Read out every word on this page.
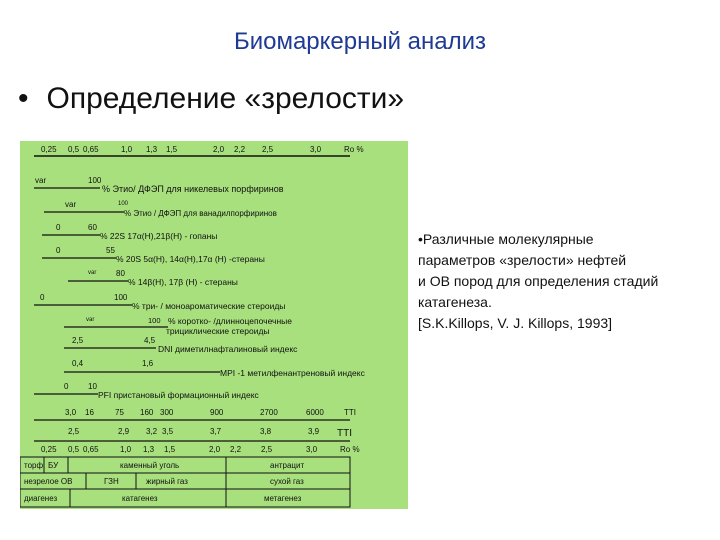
Биомаркерный анализ
• Определение «зрелости»
0,25 0,5 0,65	1,0 1,3 1,5	2,0 2,2 2,5	3,0	Ro %
var	100
% Этио/ ДФЭП для никелевых порфиринов
var	100
% Этио / ДФЭП для ванадилпорфиринов
0	60
% 22S 17α(H),21β(H) - гопаны
0	55
% 20S 5α(H), 14α(H),17α (H) -стераны
var 80
% 14β(H), 17β (H) - стераны
0	100
% три- / моноароматические стероиды
var	100 % коротко- /длинноцепочечные
трициклические стероиды
2,5	4,5
DNI диметилнафталиновый индекс
0,4	1,6
MPI -1 метилфенантреновый индекс
0 10
PFI пристановый формационный индекс
3,0 16	75 160 300	900	2700	6000	TTI
2,5	2,9 3,2 3,5	3,7	3,8	3,9 TTI
0,25 0,5 0,65	1,0 1,3 1,5	2,0 2,2 2,5	3,0	Ro %
торф БУ	каменный уголь	антрацит
незрелое ОВ	ГЗН	жирный газ	сухой газ
диагенез	катагенез	метагенез
•Различные молекулярные
параметров «зрелости» нефтей
и ОВ пород для определения стадий
катагенеза.
[S.K.Killops, V. J. Killops, 1993]
